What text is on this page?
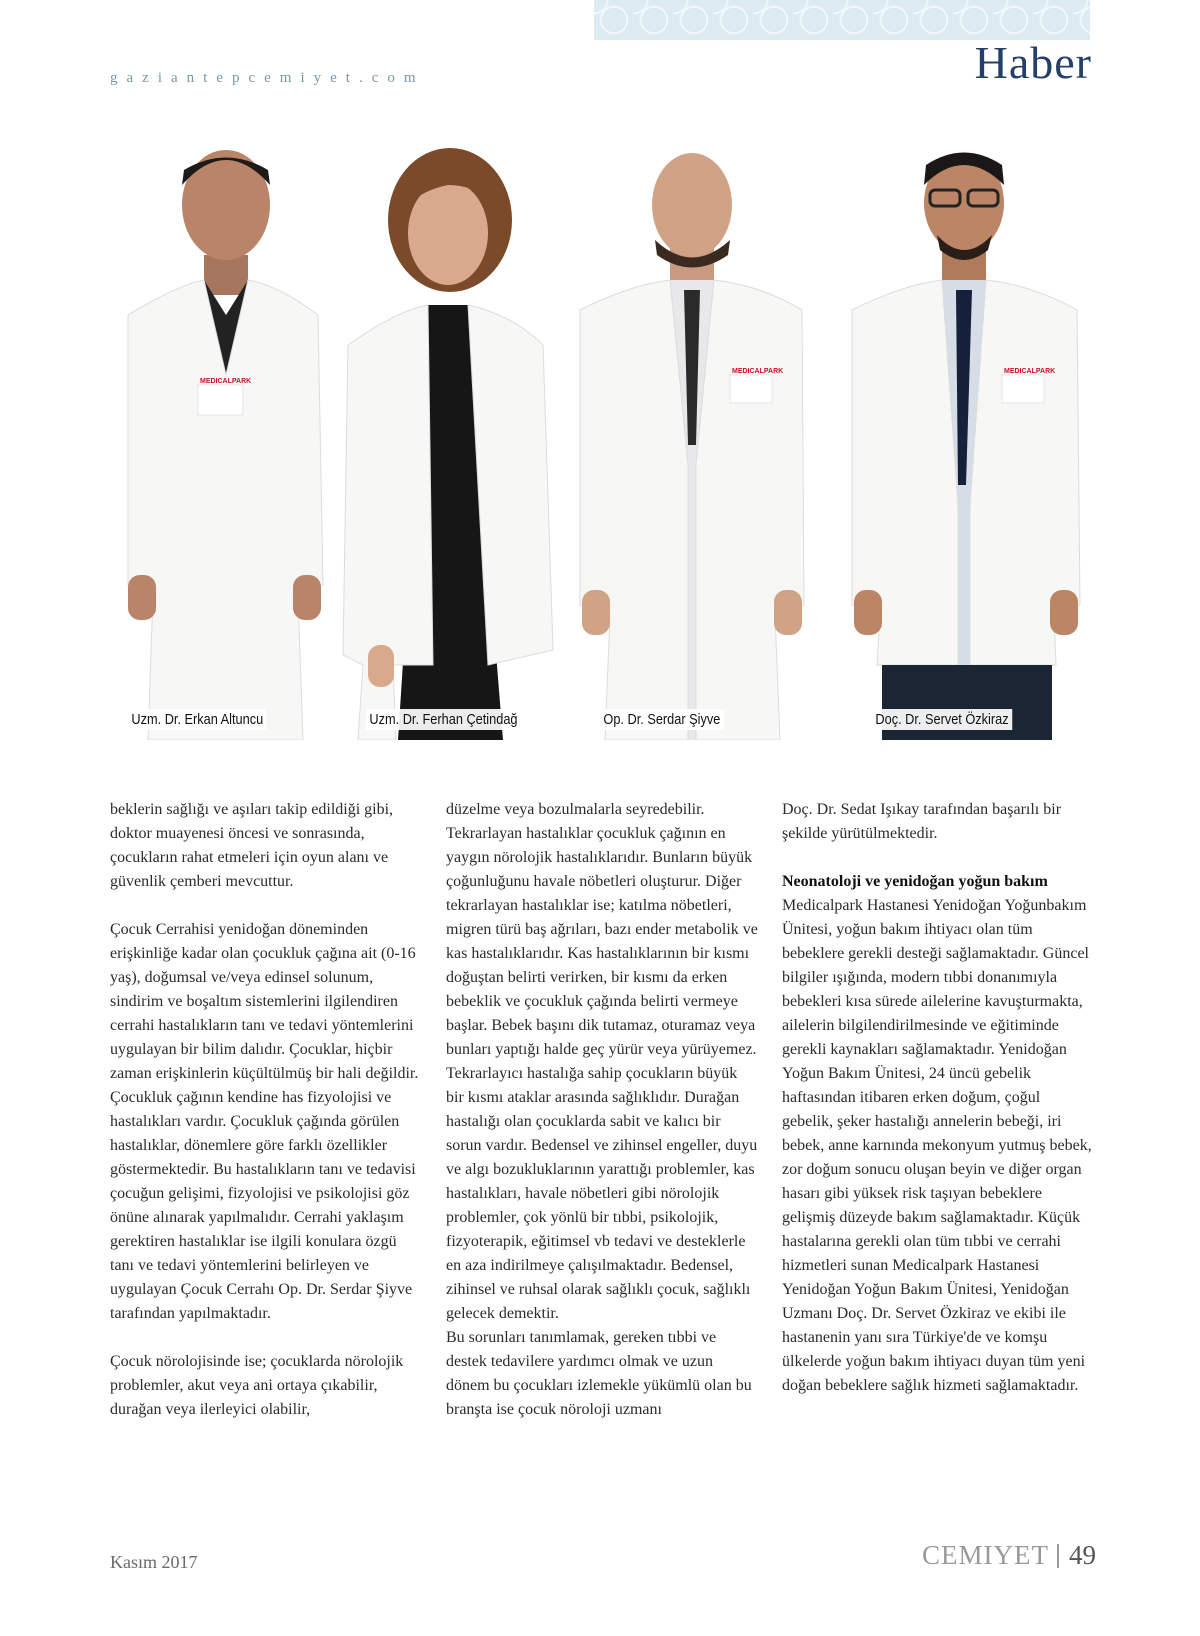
gaziantepcemiyet.com	Haber
MEDICALPARK
Uzm. Dr. Erkan Altuncu	Uzm. Dr. Ferhan Çetindağ
MEDICALPARK
Op. Dr. Serdar Şiyve
MEDICALPARK
Doç. Dr. Servet Özkiraz

beklerin sağlığı ve aşıları takip edildiği gibi, doktor muayenesi öncesi ve sonrasında, çocukların rahat etmeleri için oyun alanı ve güvenlik çemberi mevcuttur.

Çocuk Cerrahisi yenidoğan döneminden erişkinliğe kadar olan çocukluk çağına ait (0-16 yaş), doğumsal ve/veya edinsel solunum, sindirim ve boşaltım sistemlerini ilgilendiren cerrahi hastalıkların tanı ve tedavi yöntemlerini uygulayan bir bilim dalıdır. Çocuklar, hiçbir zaman erişkinlerin küçültülmüş bir hali değildir. Çocukluk çağının kendine has fizyolojisi ve hastalıkları vardır. Çocukluk çağında görülen hastalıklar, dönemlere göre farklı özellikler göstermektedir. Bu hastalıkların tanı ve tedavisi çocuğun gelişimi, fizyolojisi ve psikolojisi göz önüne alınarak yapılmalıdır. Cerrahi yaklaşım gerektiren hastalıklar ise ilgili konulara özgü tanı ve tedavi yöntemlerini belirleyen ve uygulayan Çocuk Cerrahı Op. Dr. Serdar Şiyve tarafından yapılmaktadır.

Çocuk nörolojisinde ise; çocuklarda nörolojik problemler, akut veya ani ortaya çıkabilir, durağan veya ilerleyici olabilir,

düzelme veya bozulmalarla seyredebilir. Tekrarlayan hastalıklar çocukluk çağının en yaygın nörolojik hastalıklarıdır. Bunların büyük çoğunluğunu havale nöbetleri oluşturur. Diğer tekrarlayan hastalıklar ise; katılma nöbetleri, migren türü baş ağrıları, bazı ender metabolik ve kas hastalıklarıdır. Kas hastalıklarının bir kısmı doğuştan belirti verirken, bir kısmı da erken bebeklik ve çocukluk çağında belirti vermeye başlar. Bebek başını dik tutamaz, oturamaz veya bunları yaptığı halde geç yürür veya yürüyemez. Tekrarlayıcı hastalığa sahip çocukların büyük bir kısmı ataklar arasında sağlıklıdır. Durağan hastalığı olan çocuklarda sabit ve kalıcı bir sorun vardır. Bedensel ve zihinsel engeller, duyu ve algı bozukluklarının yarattığı problemler, kas hastalıkları, havale nöbetleri gibi nörolojik problemler, çok yönlü bir tıbbi, psikolojik, fizyoterapik, eğitimsel vb tedavi ve desteklerle en aza indirilmeye çalışılmaktadır. Bedensel, zihinsel ve ruhsal olarak sağlıklı çocuk, sağlıklı gelecek demektir.

Bu sorunları tanımlamak, gereken tıbbi ve destek tedavilere yardımcı olmak ve uzun dönem bu çocukları izlemekle yükümlü olan bu branşta ise çocuk nöroloji uzmanı

Doç. Dr. Sedat Işıkay tarafından başarılı bir şekilde yürütülmektedir.

Neonatoloji ve yenidoğan yoğun bakım

Medicalpark Hastanesi Yenidoğan Yoğunbakım Ünitesi, yoğun bakım ihtiyacı olan tüm bebeklere gerekli desteği sağlamaktadır. Güncel bilgiler ışığında, modern tıbbi donanımıyla bebekleri kısa sürede ailelerine kavuşturmakta, ailelerin bilgilendirilmesinde ve eğitiminde gerekli kaynakları sağlamaktadır. Yenidoğan Yoğun Bakım Ünitesi, 24 üncü gebelik haftasından itibaren erken doğum, çoğul gebelik, şeker hastalığı annelerin bebeği, iri bebek, anne karnında mekonyum yutmuş bebek, zor doğum sonucu oluşan beyin ve diğer organ hasarı gibi yüksek risk taşıyan bebeklere gelişmiş düzeyde bakım sağlamaktadır. Küçük hastalarına gerekli olan tüm tıbbi ve cerrahi hizmetleri sunan Medicalpark Hastanesi Yenidoğan Yoğun Bakım Ünitesi, Yenidoğan Uzmanı Doç. Dr. Servet Özkiraz ve ekibi ile hastanenin yanı sıra Türkiye'de ve komşu ülkelerde yoğun bakım ihtiyacı duyan tüm yeni doğan bebeklere sağlık hizmeti sağlamaktadır.

Kasım 2017	CEMIYET 49
